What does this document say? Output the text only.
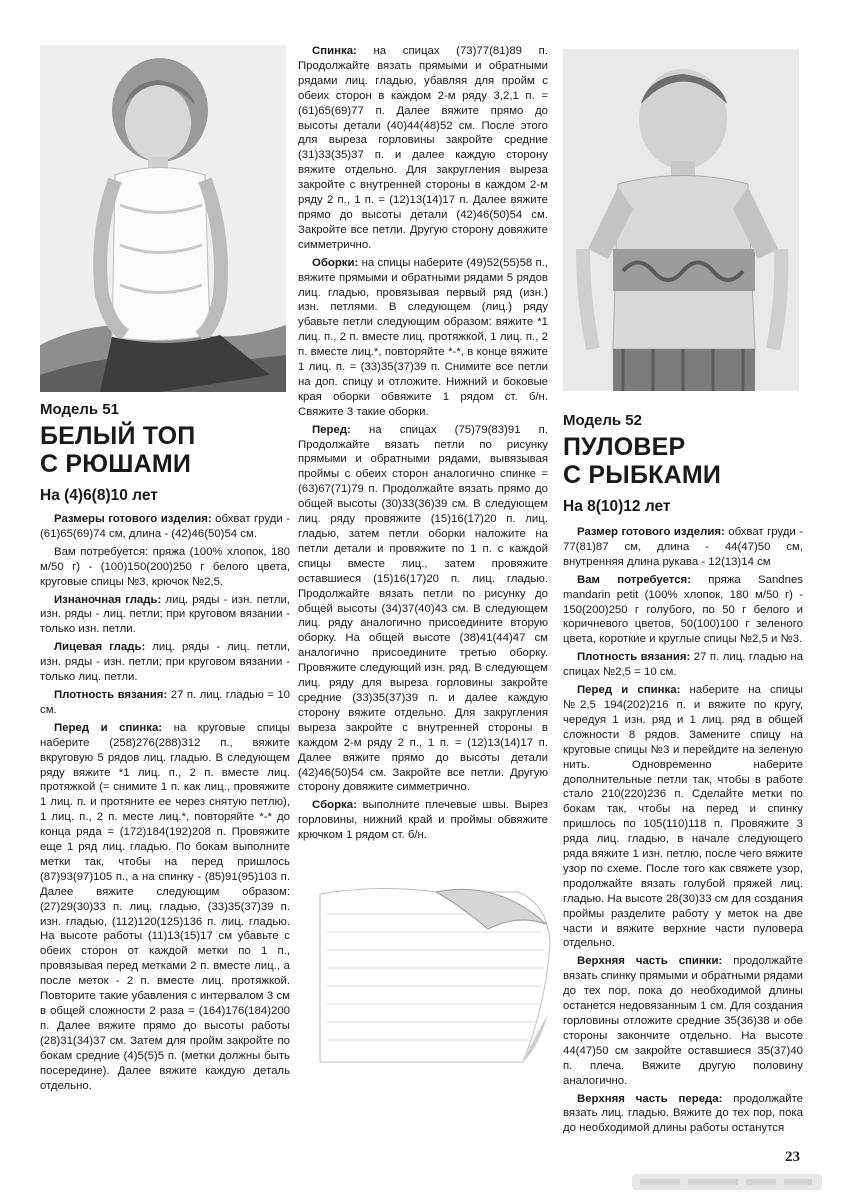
Модель 51
БЕЛЫЙ ТОП
С РЮШАМИ
На (4)6(8)10 лет

Размеры готового изделия: обхват груди - (61)65(69)74 см, длина - (42)46(50)54 см.

Вам потребуется: пряжа (100% хлопок, 180 м/50 г) - (100)150(200)250 г белого цвета, круговые спицы №3, крючок №2,5.

Изнаночная гладь: лиц. ряды - изн. петли, изн. ряды - лиц. петли; при круговом вязании - только изн. петли.

Лицевая гладь: лиц. ряды - лиц. петли, изн. ряды - изн. петли; при круговом вязании - только лиц. петли.

Плотность вязания: 27 п. лиц. гладью = 10 см.

Перед и спинка: на круговые спицы наберите (258)276(288)312 п., вяжите вкруговую 5 рядов лиц. гладью. В следующем ряду вяжите *1 лиц. п., 2 п. вместе лиц. протяжкой (= снимите 1 п. как лиц., провяжите 1 лиц. п. и протяните ее через снятую петлю), 1 лиц. п., 2 п. месте лиц.*, повторяйте *-* до конца ряда = (172)184(192)208 п. Провяжите еще 1 ряд лиц. гладью. По бокам выполните метки так, чтобы на перед пришлось (87)93(97)105 п., а на спинку - (85)91(95)103 п. Далее вяжите следующим образом: (27)29(30)33 п. лиц. гладью, (33)35(37)39 п. изн. гладью, (112)120(125)136 п. лиц. гладью. На высоте работы (11)13(15)17 см убавьте с обеих сторон от каждой метки по 1 п., провязывая перед метками 2 п. вместе лиц., а после меток - 2 п. вместе лиц. протяжкой. Повторите такие убавления с интервалом 3 см в общей сложности 2 раза = (164)176(184)200 п. Далее вяжите прямо до высоты работы (28)31(34)37 см. Затем для пройм закройте по бокам средние (4)5(5)5 п. (метки должны быть посередине). Далее вяжите каждую деталь отдельно.

Спинка: на спицах (73)77(81)89 п. Продолжайте вязать прямыми и обратными рядами лиц. гладью, убавляя для пройм с обеих сторон в каждом 2-м ряду 3,2,1 п. = (61)65(69)77 п. Далее вяжите прямо до высоты детали (40)44(48)52 см. После этого для выреза горловины закройте средние (31)33(35)37 п. и далее каждую сторону вяжите отдельно. Для закругления выреза закройте с внутренней стороны в каждом 2-м ряду 2 п., 1 п. = (12)13(14)17 п. Далее вяжите прямо до высоты детали (42)46(50)54 см. Закройте все петли. Другую сторону довяжите симметрично.

Оборки: на спицы наберите (49)52(55)58 п., вяжите прямыми и обратными рядами 5 рядов лиц. гладью, провязывая первый ряд (изн.) изн. петлями. В следующем (лиц.) ряду убавьте петли следующим образом: вяжите *1 лиц. п., 2 п. вместе лиц. протяжкой, 1 лиц. п., 2 п. вместе лиц.*, повторяйте *-*, в конце вяжите 1 лиц. п. = (33)35(37)39 п. Снимите все петли на доп. спицу и отложите. Нижний и боковые края оборки обвяжите 1 рядом ст. б/н. Свяжите 3 такие оборки.

Перед: на спицах (75)79(83)91 п. Продолжайте вязать петли по рисунку прямыми и обратными рядами, вывязывая проймы с обеих сторон аналогично спинке = (63)67(71)79 п. Продолжайте вязать прямо до общей высоты (30)33(36)39 см. В следующем лиц. ряду провяжите (15)16(17)20 п. лиц. гладью, затем петли оборки наложите на петли детали и провяжите по 1 п. с каждой спицы вместе лиц., затем провяжите оставшиеся (15)16(17)20 п. лиц. гладью. Продолжайте вязать петли по рисунку до общей высоты (34)37(40)43 см. В следующем лиц. ряду аналогично присоедините вторую оборку. На общей высоте (38)41(44)47 см аналогично присоедините третью оборку. Провяжите следующий изн. ряд. В следующем лиц. ряду для выреза горловины закройте средние (33)35(37)39 п. и далее каждую сторону вяжите отдельно. Для закругления выреза закройте с внутренней стороны в каждом 2-м ряду 2 п., 1 п. = (12)13(14)17 п. Далее вяжите прямо до высоты детали (42)46(50)54 см. Закройте все петли. Другую сторону довяжите симметрично.

Сборка: выполните плечевые швы. Вырез горловины, нижний край и проймы обвяжите крючком 1 рядом ст. б/н.

Модель 52
ПУЛОВЕР
С РЫБКАМИ
На 8(10)12 лет

Размер готового изделия: обхват груди - 77(81)87 см, длина - 44(47)50 см, внутренняя длина рукава - 12(13)14 см

Вам потребуется: пряжа Sandnes mandarin petit (100% хлопок, 180 м/50 г) - 150(200)250 г голубого, по 50 г белого и коричневого цветов, 50(100)100 г зеленого цвета, короткие и круглые спицы №2,5 и №3.

Плотность вязания: 27 п. лиц. гладью на спицах №2,5 = 10 см.

Перед и спинка: наберите на спицы №2,5 194(202)216 п. и вяжите по кругу, чередуя 1 изн. ряд и 1 лиц. ряд в общей сложности 8 рядов. Замените спицу на круговые спицы №3 и перейдите на зеленую нить. Одновременно наберите дополнительные петли так, чтобы в работе стало 210(220)236 п. Сделайте метки по бокам так, чтобы на перед и спинку пришлось по 105(110)118 п. Провяжите 3 ряда лиц. гладью, в начале следующего ряда вяжите 1 изн. петлю, после чего вяжите узор по схеме. После того как свяжете узор, продолжайте вязать голубой пряжей лиц. гладью. На высоте 28(30)33 см для создания проймы разделите работу у меток на две части и вяжите верхние части пуловера отдельно.

Верхняя часть спинки: продолжайте вязать спинку прямыми и обратными рядами до тех пор, пока до необходимой длины останется недовязанным 1 см. Для создания горловины отложите средние 35(36)38 и обе стороны закончите отдельно. На высоте 44(47)50 см закройте оставшиеся 35(37)40 п. плеча. Вяжите другую половину аналогично.

Верхняя часть переда: продолжайте вязать лиц. гладью. Вяжите до тех пор, пока до необходимой длины работы останутся

23
